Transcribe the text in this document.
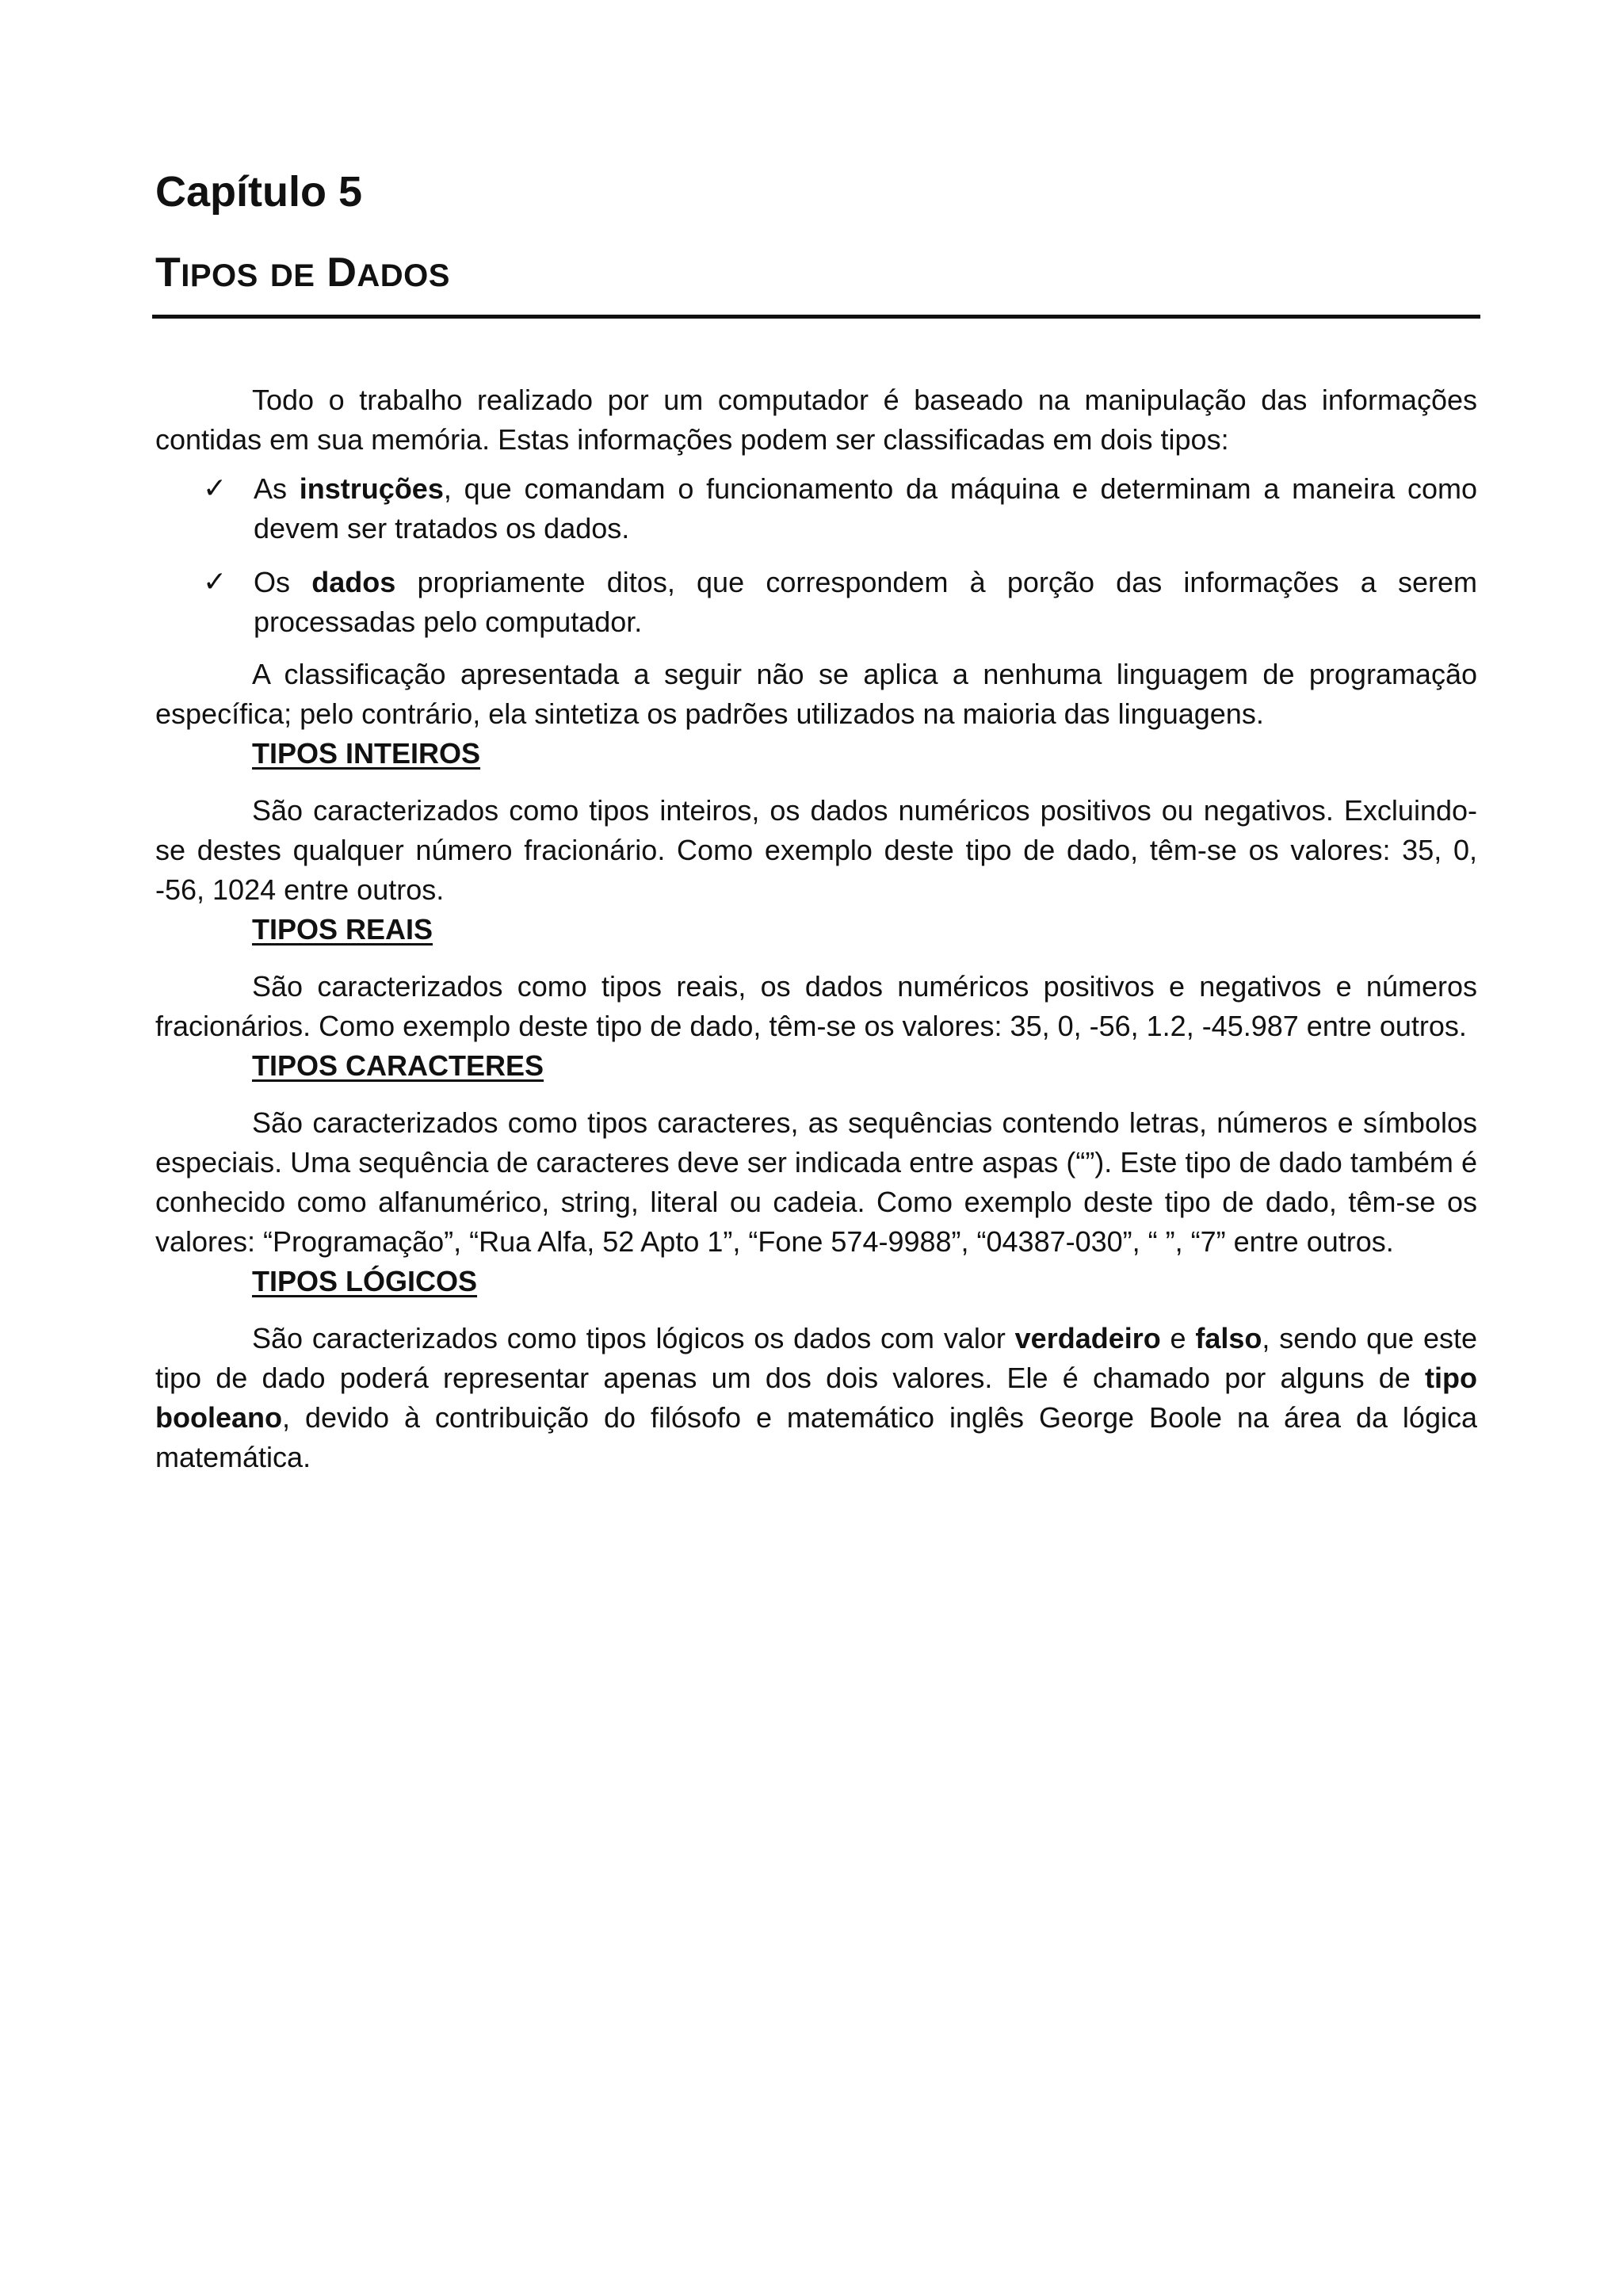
Capítulo 5
TIPOS DE DADOS

Todo o trabalho realizado por um computador é baseado na manipulação das informações contidas em sua memória. Estas informações podem ser classificadas em dois tipos:

✓ As instruções, que comandam o funcionamento da máquina e determinam a maneira como devem ser tratados os dados.
✓ Os dados propriamente ditos, que correspondem à porção das informações a serem processadas pelo computador.

A classificação apresentada a seguir não se aplica a nenhuma linguagem de programação específica; pelo contrário, ela sintetiza os padrões utilizados na maioria das linguagens.

TIPOS INTEIROS

São caracterizados como tipos inteiros, os dados numéricos positivos ou negativos. Excluindo-se destes qualquer número fracionário. Como exemplo deste tipo de dado, têm-se os valores: 35, 0, -56, 1024 entre outros.

TIPOS REAIS

São caracterizados como tipos reais, os dados numéricos positivos e negativos e números fracionários. Como exemplo deste tipo de dado, têm-se os valores: 35, 0, -56, 1.2, -45.987 entre outros.

TIPOS CARACTERES

São caracterizados como tipos caracteres, as sequências contendo letras, números e símbolos especiais. Uma sequência de caracteres deve ser indicada entre aspas (“”). Este tipo de dado também é conhecido como alfanumérico, string, literal ou cadeia. Como exemplo deste tipo de dado, têm-se os valores: “Programação”, “Rua Alfa, 52 Apto 1”, “Fone 574-9988”, “04387-030”, “ ”, “7” entre outros.

TIPOS LÓGICOS

São caracterizados como tipos lógicos os dados com valor verdadeiro e falso, sendo que este tipo de dado poderá representar apenas um dos dois valores. Ele é chamado por alguns de tipo booleano, devido à contribuição do filósofo e matemático inglês George Boole na área da lógica matemática.
